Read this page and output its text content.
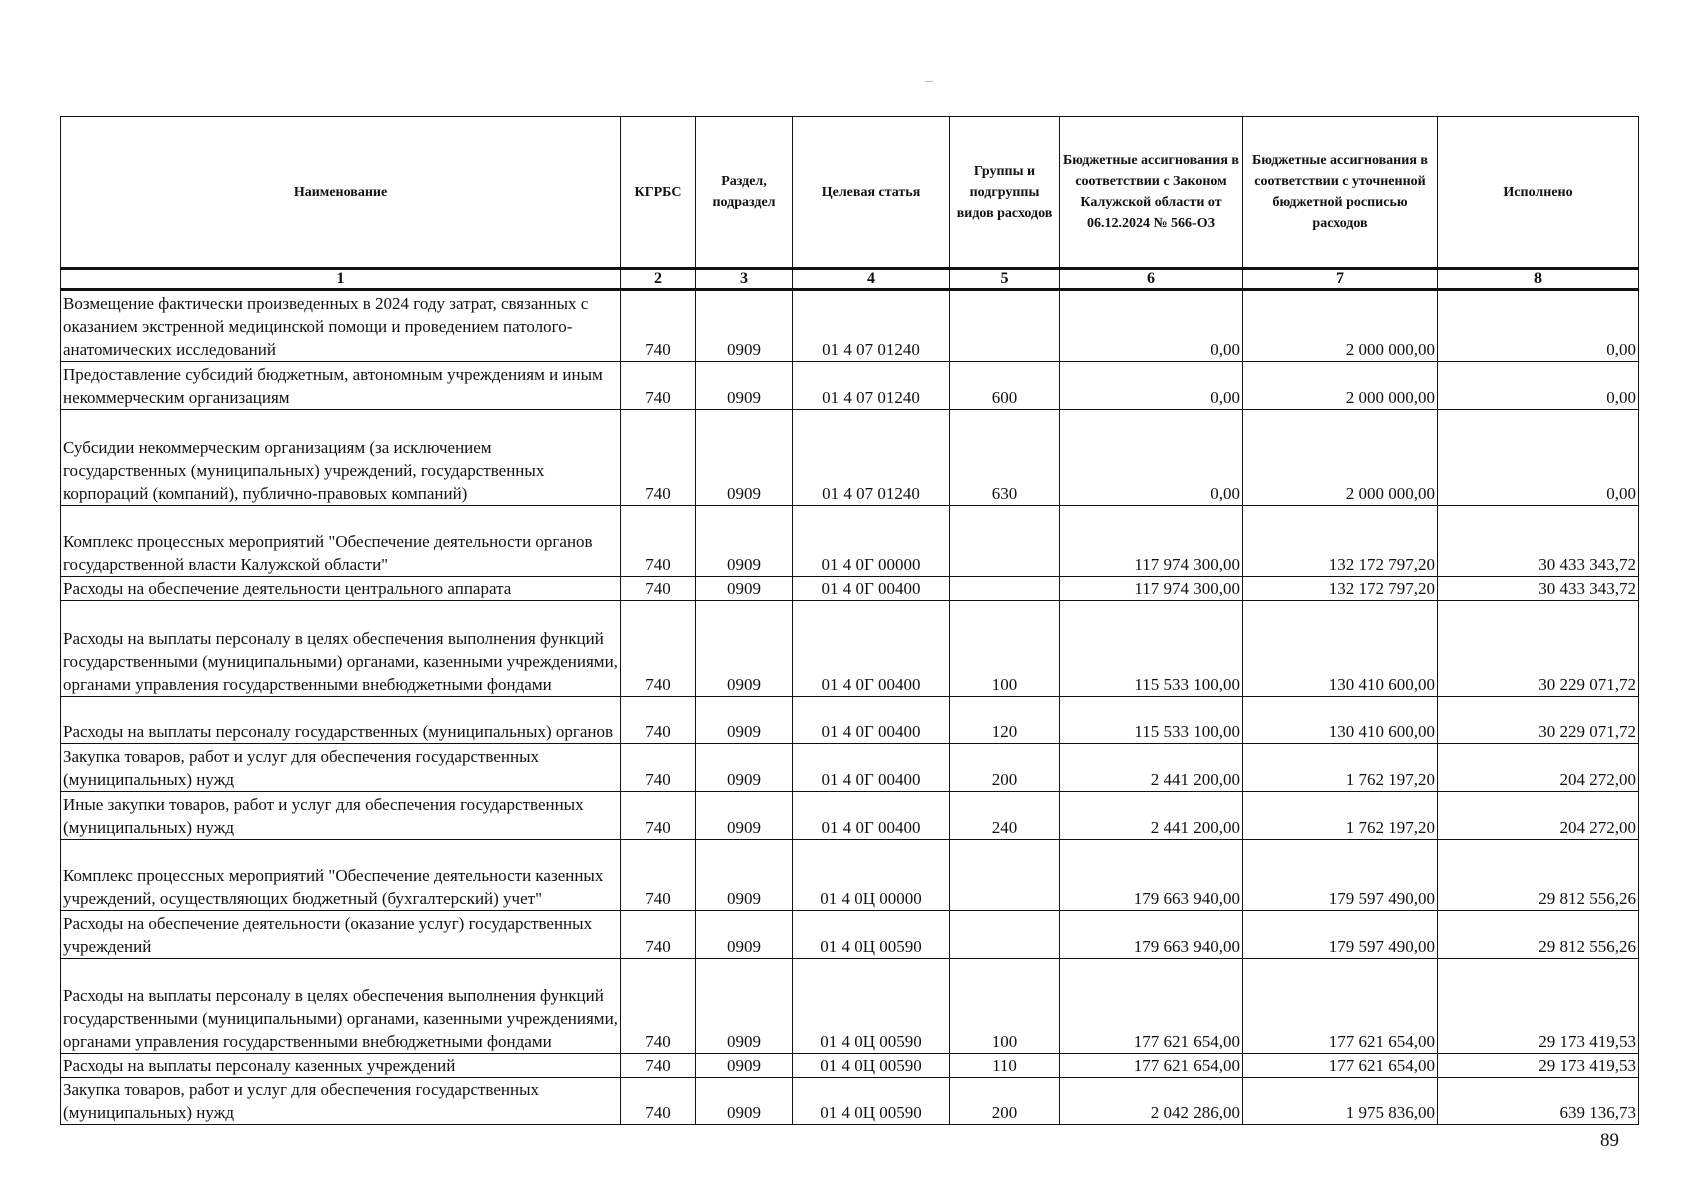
Наименование	КГРБС	Раздел, подраздел	Целевая статья	Группы и подгруппы видов расходов	Бюджетные ассигнования в соответствии с Законом Калужской области от 06.12.2024 № 566-ОЗ	Бюджетные ассигнования в соответствии с уточненной бюджетной росписью расходов	Исполнено
1	2	3	4	5	6	7	8
Возмещение фактически произведенных в 2024 году затрат, связанных с оказанием экстренной медицинской помощи и проведением патолого-анатомических исследований	740	0909	01 4 07 01240		0,00	2 000 000,00	0,00
Предоставление субсидий бюджетным, автономным учреждениям и иным некоммерческим организациям	740	0909	01 4 07 01240	600	0,00	2 000 000,00	0,00
Субсидии некоммерческим организациям (за исключением государственных (муниципальных) учреждений, государственных корпораций (компаний), публично-правовых компаний)	740	0909	01 4 07 01240	630	0,00	2 000 000,00	0,00
Комплекс процессных мероприятий "Обеспечение деятельности органов государственной власти Калужской области"	740	0909	01 4 0Г 00000		117 974 300,00	132 172 797,20	30 433 343,72
Расходы на обеспечение деятельности центрального аппарата	740	0909	01 4 0Г 00400		117 974 300,00	132 172 797,20	30 433 343,72
Расходы на выплаты персоналу в целях обеспечения выполнения функций государственными (муниципальными) органами, казенными учреждениями, органами управления государственными внебюджетными фондами	740	0909	01 4 0Г 00400	100	115 533 100,00	130 410 600,00	30 229 071,72
Расходы на выплаты персоналу государственных (муниципальных) органов	740	0909	01 4 0Г 00400	120	115 533 100,00	130 410 600,00	30 229 071,72
Закупка товаров, работ и услуг для обеспечения государственных (муниципальных) нужд	740	0909	01 4 0Г 00400	200	2 441 200,00	1 762 197,20	204 272,00
Иные закупки товаров, работ и услуг для обеспечения государственных (муниципальных) нужд	740	0909	01 4 0Г 00400	240	2 441 200,00	1 762 197,20	204 272,00
Комплекс процессных мероприятий "Обеспечение деятельности казенных учреждений, осуществляющих бюджетный (бухгалтерский) учет"	740	0909	01 4 0Ц 00000		179 663 940,00	179 597 490,00	29 812 556,26
Расходы на обеспечение деятельности (оказание услуг) государственных учреждений	740	0909	01 4 0Ц 00590		179 663 940,00	179 597 490,00	29 812 556,26
Расходы на выплаты персоналу в целях обеспечения выполнения функций государственными (муниципальными) органами, казенными учреждениями, органами управления государственными внебюджетными фондами	740	0909	01 4 0Ц 00590	100	177 621 654,00	177 621 654,00	29 173 419,53
Расходы на выплаты персоналу казенных учреждений	740	0909	01 4 0Ц 00590	110	177 621 654,00	177 621 654,00	29 173 419,53
Закупка товаров, работ и услуг для обеспечения государственных (муниципальных) нужд	740	0909	01 4 0Ц 00590	200	2 042 286,00	1 975 836,00	639 136,73
89
